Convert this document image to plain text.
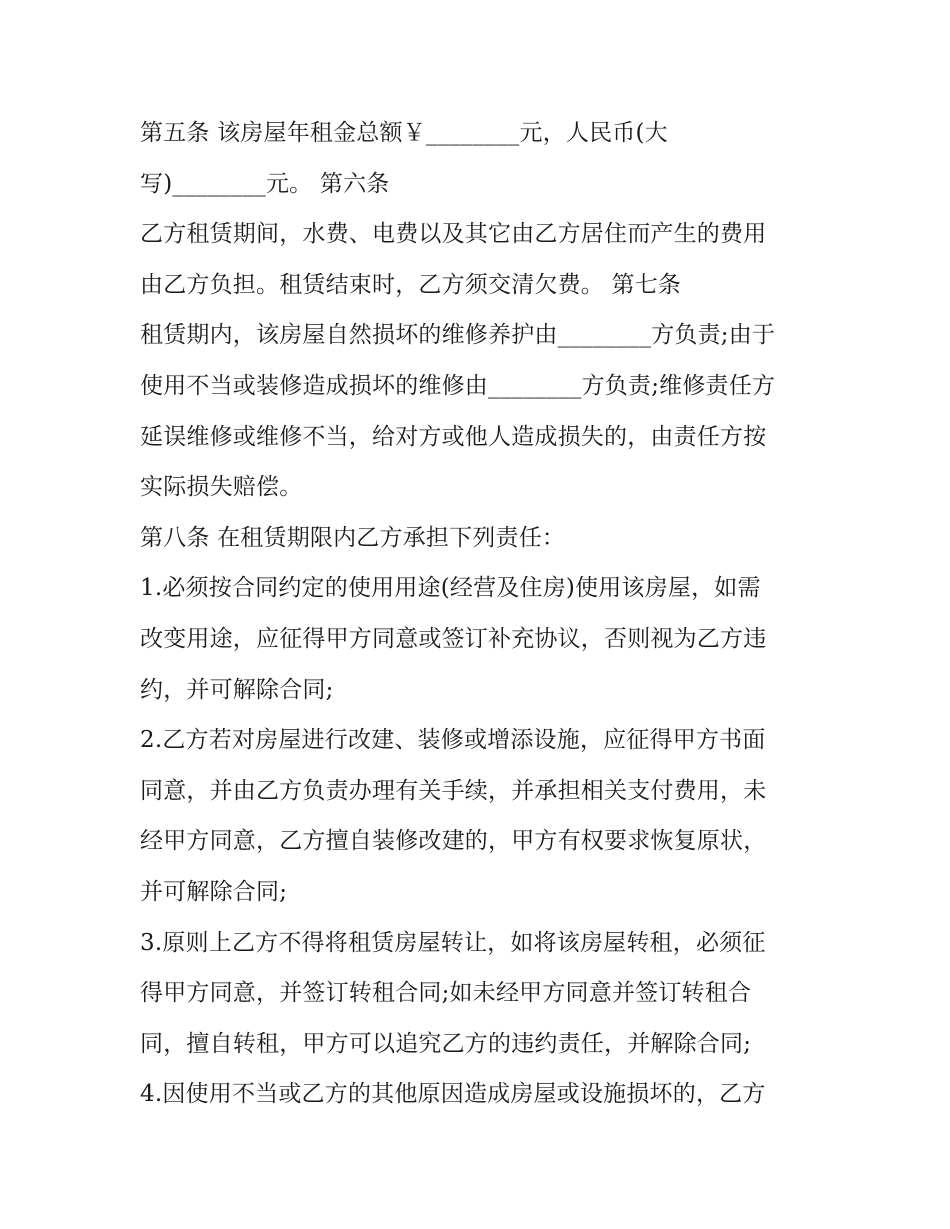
第五条 该房屋年租金总额￥________元，人民币(大
写)________元。 第六条
乙方租赁期间，水费、电费以及其它由乙方居住而产生的费用
由乙方负担。租赁结束时，乙方须交清欠费。 第七条
租赁期内，该房屋自然损坏的维修养护由________方负责;由于
使用不当或装修造成损坏的维修由________方负责;维修责任方
延误维修或维修不当，给对方或他人造成损失的，由责任方按
实际损失赔偿。
第八条 在租赁期限内乙方承担下列责任：
1.必须按合同约定的使用用途(经营及住房)使用该房屋，如需
改变用途，应征得甲方同意或签订补充协议，否则视为乙方违
约，并可解除合同;
2.乙方若对房屋进行改建、装修或增添设施，应征得甲方书面
同意，并由乙方负责办理有关手续，并承担相关支付费用，未
经甲方同意，乙方擅自装修改建的，甲方有权要求恢复原状，
并可解除合同;
3.原则上乙方不得将租赁房屋转让，如将该房屋转租，必须征
得甲方同意，并签订转租合同;如未经甲方同意并签订转租合
同，擅自转租，甲方可以追究乙方的违约责任，并解除合同;
4.因使用不当或乙方的其他原因造成房屋或设施损坏的，乙方
